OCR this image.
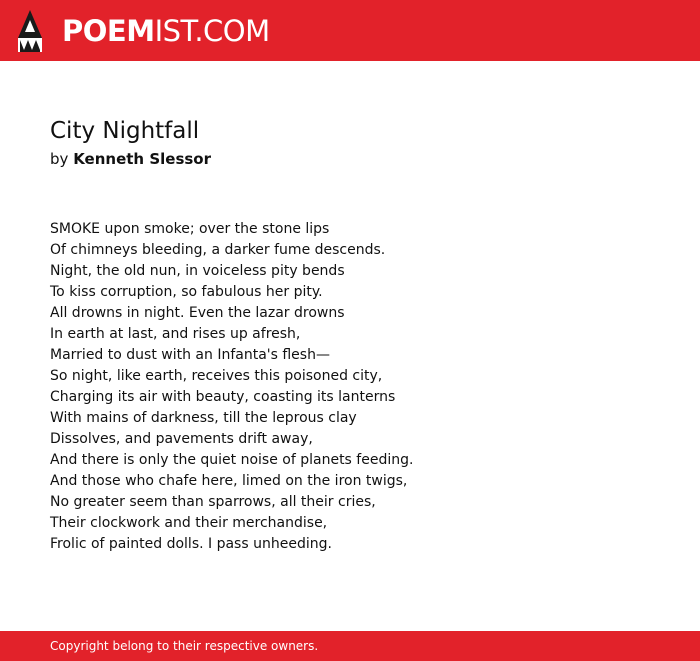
POEMIST.COM
City Nightfall
by Kenneth Slessor
SMOKE upon smoke; over the stone lips
Of chimneys bleeding, a darker fume descends.
Night, the old nun, in voiceless pity bends
To kiss corruption, so fabulous her pity.
All drowns in night. Even the lazar drowns
In earth at last, and rises up afresh,
Married to dust with an Infanta's flesh—
So night, like earth, receives this poisoned city,
Charging its air with beauty, coasting its lanterns
With mains of darkness, till the leprous clay
Dissolves, and pavements drift away,
And there is only the quiet noise of planets feeding.
And those who chafe here, limed on the iron twigs,
No greater seem than sparrows, all their cries,
Their clockwork and their merchandise,
Frolic of painted dolls. I pass unheeding.
Copyright belong to their respective owners.
